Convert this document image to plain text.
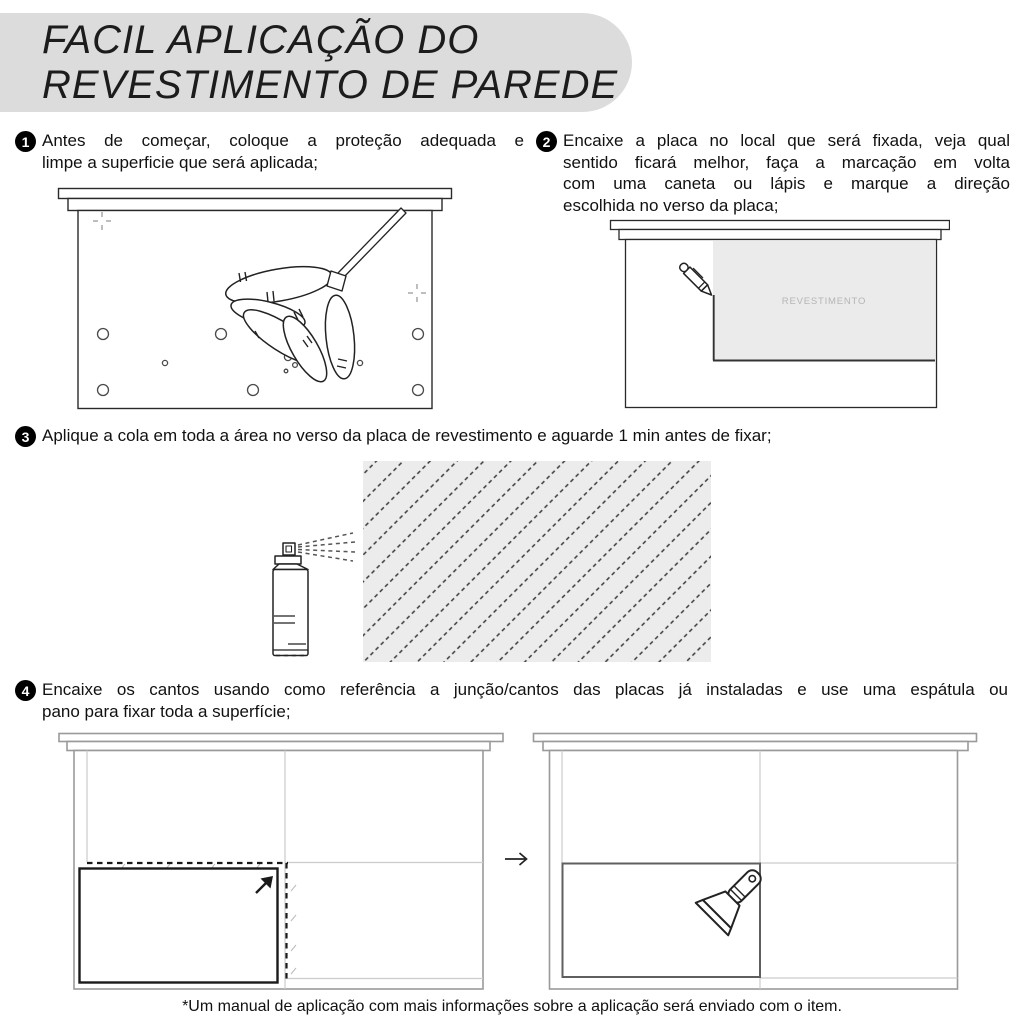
FACIL APLICAÇÃO DO
REVESTIMENTO DE PAREDE
1 Antes de começar, coloque a proteção adequada e
limpe a superficie que será aplicada;
2 Encaixe a placa no local que será fixada, veja qual
sentido ficará melhor, faça a marcação em volta
com uma caneta ou lápis e marque a direção
escolhida no verso da placa;
REVESTIMENTO
3 Aplique a cola em toda a área no verso da placa de revestimento e aguarde 1 min antes de fixar;
4 Encaixe os cantos usando como referência a junção/cantos das placas já instaladas e use uma espátula ou
pano para fixar toda a superfície;
*Um manual de aplicação com mais informações sobre a aplicação será enviado com o item.
